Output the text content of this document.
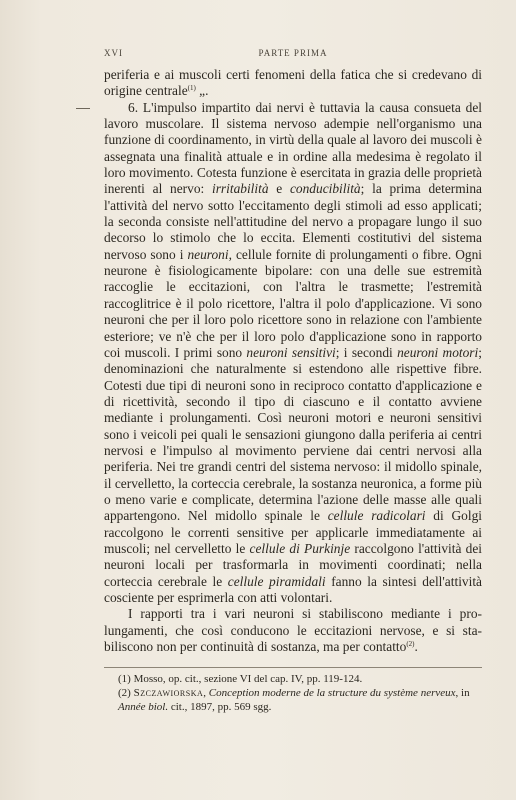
XVI	PARTE PRIMA

periferia e ai muscoli certi fenomeni della fatica che si credevano di origine centrale$^{(1)}$ „.

6. L'impulso impartito dai nervi è tuttavia la causa consueta del lavoro muscolare. Il sistema nervoso adempie nell'organismo una funzione di coordinamento, in virtù della quale al lavoro dei muscoli è assegnata una finalità attuale e in ordine alla medesima è regolato il loro movimento. Cotesta funzione è esercitata in grazia delle proprietà inerenti al nervo: irritabilità e conducibilità; la prima determina l'attività del nervo sotto l'eccitamento degli stimoli ad esso applicati; la seconda consiste nell'attitudine del nervo a propagare lungo il suo decorso lo stimolo che lo eccita. Elementi costitutivi del sistema nervoso sono i neuroni, cellule fornite di prolungamenti o fibre. Ogni neurone è fisiologicamente bipolare: con una delle sue estremità raccoglie le eccitazioni, con l'altra le trasmette; l'estremità raccoglitrice è il polo ricettore, l'altra il polo d'applicazione. Vi sono neuroni che per il loro polo ricettore sono in relazione con l'ambiente esteriore; ve n'è che per il loro polo d'applicazione sono in rapporto coi muscoli. I primi sono neuroni sensitivi; i secondi neuroni motori; denominazioni che naturalmente si estendono alle rispettive fibre. Cotesti due tipi di neuroni sono in reciproco contatto d'applicazione e di ricettività, secondo il tipo di ciascuno e il contatto avviene mediante i prolungamenti. Così neuroni motori e neuroni sensitivi sono i veicoli pei quali le sensazioni giungono dalla periferia ai centri nervosi e l'impulso al movimento perviene dai centri nervosi alla periferia. Nei tre grandi centri del sistema nervoso: il midollo spinale, il cervelletto, la corteccia cerebrale, la sostanza neuronica, a forme più o meno varie e complicate, determina l'azione delle masse alle quali appartengono. Nel midollo spinale le cellule radicolari di Golgi raccolgono le correnti sensitive per applicarle immediatamente ai muscoli; nel cervelletto le cellule di Purkinje raccolgono l'attività dei neuroni locali per trasformarla in movimenti coordinati; nella corteccia cerebrale le cellule piramidali fanno la sintesi dell'attività cosciente per esprimerla con atti volontari.

I rapporti tra i vari neuroni si stabiliscono mediante i prolungamenti, che così conducono le eccitazioni nervose, e si stabiliscono non per continuità di sostanza, ma per contatto$^{(2)}$.

(1) Mosso, op. cit., sezione VI del cap. IV, pp. 119-124.

(2) Szczawiorska, Conception moderne de la structure du système nerveux, in Année biol. cit., 1897, pp. 569 sgg.
